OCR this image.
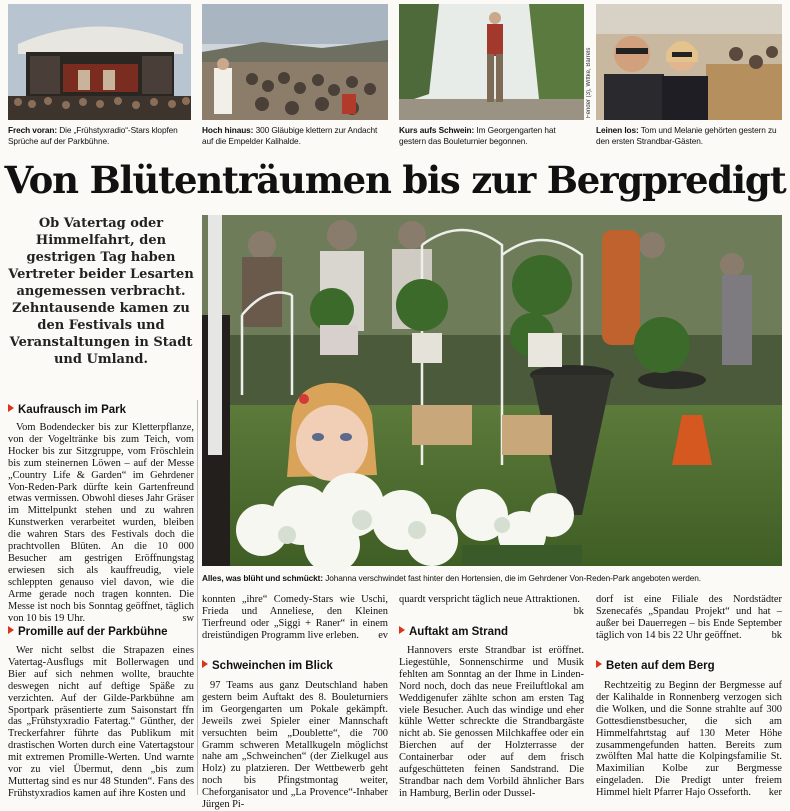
Frech voran: Die „Frühstyxradio“-Stars klopfen Sprüche auf der Parkbühne.
Hoch hinaus: 300 Gläubige klettern zur Andacht auf die Empelder Kalihalde.
Kurs aufs Schwein: Im Georgengarten hat gestern das Bouleturnier begonnen.
Fender (3), Wittke, Barrels
Leinen los: Tom und Melanie gehörten gestern zu den ersten Strandbar-Gästen.
Von Blütenträumen bis zur Bergpredigt
Ob Vatertag oder Himmelfahrt, den gestrigen Tag haben Vertreter beider Lesarten angemessen verbracht. Zehntausende kamen zu den Festivals und Veranstaltungen in Stadt und Umland.
Alles, was blüht und schmückt: Johanna verschwindet fast hinter den Hortensien, die im Gehrdener Von-Reden-Park angeboten werden.
Kaufrausch im Park

Vom Bodendecker bis zur Kletterpflanze, von der Vogeltränke bis zum Teich, vom Hocker bis zur Sitzgruppe, vom Fröschlein bis zum steinernen Löwen – auf der Messe „Country Life & Garden“ im Gehrdener Von-Reden-Park dürfte kein Gartenfreund etwas vermissen. Obwohl dieses Jahr Gräser im Mittelpunkt stehen und zu wahren Kunstwerken verarbeitet wurden, bleiben die wahren Stars des Festivals doch die prachtvollen Blüten. An die 10 000 Besucher am gestrigen Eröffnungstag erwiesen sich als kauffreudig, viele schleppten genauso viel davon, wie die Arme gerade noch tragen konnten. Die Messe ist noch bis Sonntag geöffnet, täglich von 10 bis 19 Uhr.	sw

Promille auf der Parkbühne

Wer nicht selbst die Strapazen eines Vatertag-Ausflugs mit Bollerwagen und Bier auf sich nehmen wollte, brauchte deswegen nicht auf deftige Späße zu verzichten. Auf der Gilde-Parkbühne am Sportpark präsentierte zum Saisonstart ffn das „Frühstyxradio Fatertag.“ Günther, der Treckerfahrer führte das Publikum mit drastischen Worten durch eine Vatertagstour mit extremen Promille-Werten. Und warnte vor zu viel Übermut, denn „bis zum Muttertag sind es nur 48 Stunden“. Fans des Frühstyxradios kamen auf ihre Kosten und

konnten „ihre“ Comedy-Stars wie Uschi, Frieda und Anneliese, den Kleinen Tierfreund oder „Siggi + Raner“ in einem dreistündigen Programm live erleben. ev

Schweinchen im Blick

97 Teams aus ganz Deutschland haben gestern beim Auftakt des 8. Bouleturniers im Georgengarten um Pokale gekämpft. Jeweils zwei Spieler einer Mannschaft versuchten beim „Doublette“, die 700 Gramm schweren Metallkugeln möglichst nahe am „Schweinchen“ (der Zielkugel aus Holz) zu platzieren. Der Wettbewerb geht noch bis Pfingstmontag weiter, Cheforganisator und „La Provence“-Inhaber Jürgen Pi-

quardt verspricht täglich neue Attraktionen.
bk

Auftakt am Strand

Hannovers erste Strandbar ist eröffnet. Liegestühle, Sonnenschirme und Musik fehlten am Sonntag an der Ihme in Linden-Nord noch, doch das neue Freiluftlokal am Weddigenufer zählte schon am ersten Tag viele Besucher. Auch das windige und eher kühle Wetter schreckte die Strandbargäste nicht ab. Sie genossen Milchkaffee oder ein Bierchen auf der Holzterrasse der Containerbar oder auf dem frisch aufgeschütteten feinen Sandstrand. Die Strandbar nach dem Vorbild ähnlicher Bars in Hamburg, Berlin oder Dussel-

dorf ist eine Filiale des Nordstädter Szenecafés „Spandau Projekt“ und hat – außer bei Dauerregen – bis Ende September täglich von 14 bis 22 Uhr geöffnet.	bk

Beten auf dem Berg

Rechtzeitig zu Beginn der Bergmesse auf der Kalihalde in Ronnenberg verzogen sich die Wolken, und die Sonne strahlte auf 300 Gottesdienstbesucher, die sich am Himmelfahrtstag auf 130 Meter Höhe zusammengefunden hatten. Bereits zum zwölften Mal hatte die Kolpingsfamilie St. Maximilian Kolbe zur Bergmesse eingeladen. Die Predigt unter freiem Himmel hielt Pfarrer Hajo Osseforth.	ker
